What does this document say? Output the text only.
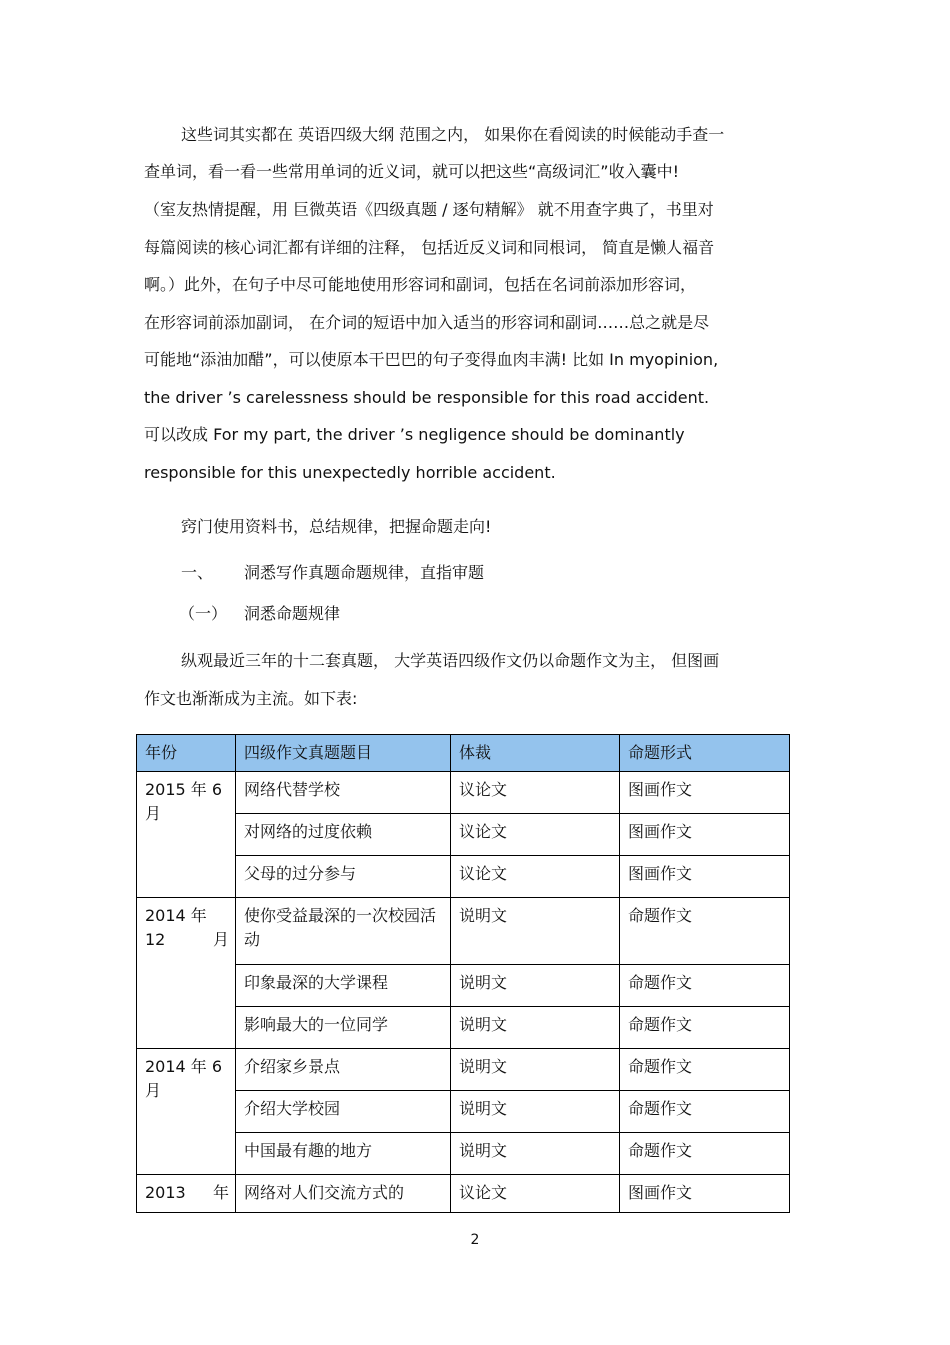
这些词其实都在 英语四级大纲 范围之内， 如果你在看阅读的时候能动手查一

查单词，看一看一些常用单词的近义词，就可以把这些“高级词汇”收入囊中!

（室友热情提醒，用 巨微英语《四级真题 / 逐句精解》 就不用查字典了，书里对

每篇阅读的核心词汇都有详细的注释， 包括近反义词和同根词， 简直是懒人福音

啊。）此外，在句子中尽可能地使用形容词和副词，包括在名词前添加形容词，

在形容词前添加副词， 在介词的短语中加入适当的形容词和副词……总之就是尽

可能地“添油加醋”，可以使原本干巴巴的句子变得血肉丰满! 比如 In myopinion,

the driver ’s carelessness should be responsible for this road accident.

可以改成 For my part, the driver ’s negligence should be dominantly

responsible for this unexpectedly horrible accident.

窍门使用资料书，总结规律，把握命题走向!

一、 洞悉写作真题命题规律，直指审题

（一） 洞悉命题规律

纵观最近三年的十二套真题， 大学英语四级作文仍以命题作文为主， 但图画

作文也渐渐成为主流。如下表:

年份	四级作文真题题目	体裁	命题形式
2015 年 6 月	网络代替学校	议论文	图画作文
	对网络的过度依赖	议论文	图画作文
	父母的过分参与	议论文	图画作文
2014 年 12 月	使你受益最深的一次校园活动	说明文	命题作文
	印象最深的大学课程	说明文	命题作文
	影响最大的一位同学	说明文	命题作文
2014 年 6 月	介绍家乡景点	说明文	命题作文
	介绍大学校园	说明文	命题作文
	中国最有趣的地方	说明文	命题作文
2013 年	网络对人们交流方式的	议论文	图画作文

2
